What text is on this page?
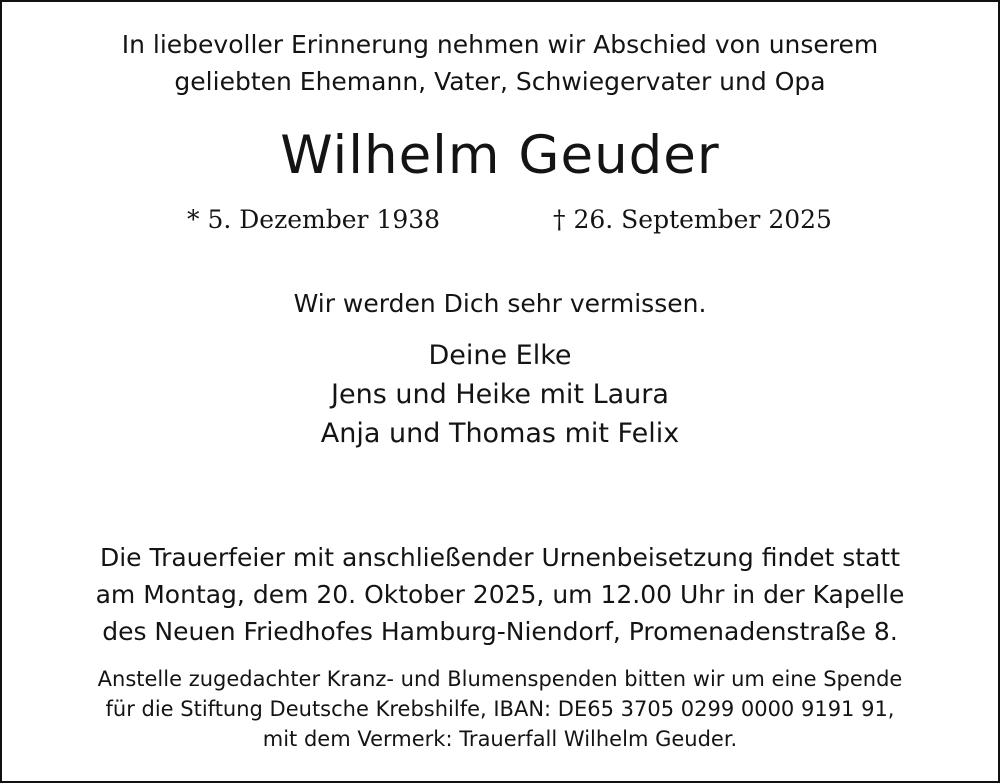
In liebevoller Erinnerung nehmen wir Abschied von unserem
geliebten Ehemann, Vater, Schwiegervater und Opa
Wilhelm Geuder
* 5. Dezember 1938	† 26. September 2025
Wir werden Dich sehr vermissen.
Deine Elke
Jens und Heike mit Laura
Anja und Thomas mit Felix
Die Trauerfeier mit anschließender Urnenbeisetzung findet statt
am Montag, dem 20. Oktober 2025, um 12.00 Uhr in der Kapelle
des Neuen Friedhofes Hamburg-Niendorf, Promenadenstraße 8.
Anstelle zugedachter Kranz- und Blumenspenden bitten wir um eine Spende
für die Stiftung Deutsche Krebshilfe, IBAN: DE65 3705 0299 0000 9191 91,
mit dem Vermerk: Trauerfall Wilhelm Geuder.
